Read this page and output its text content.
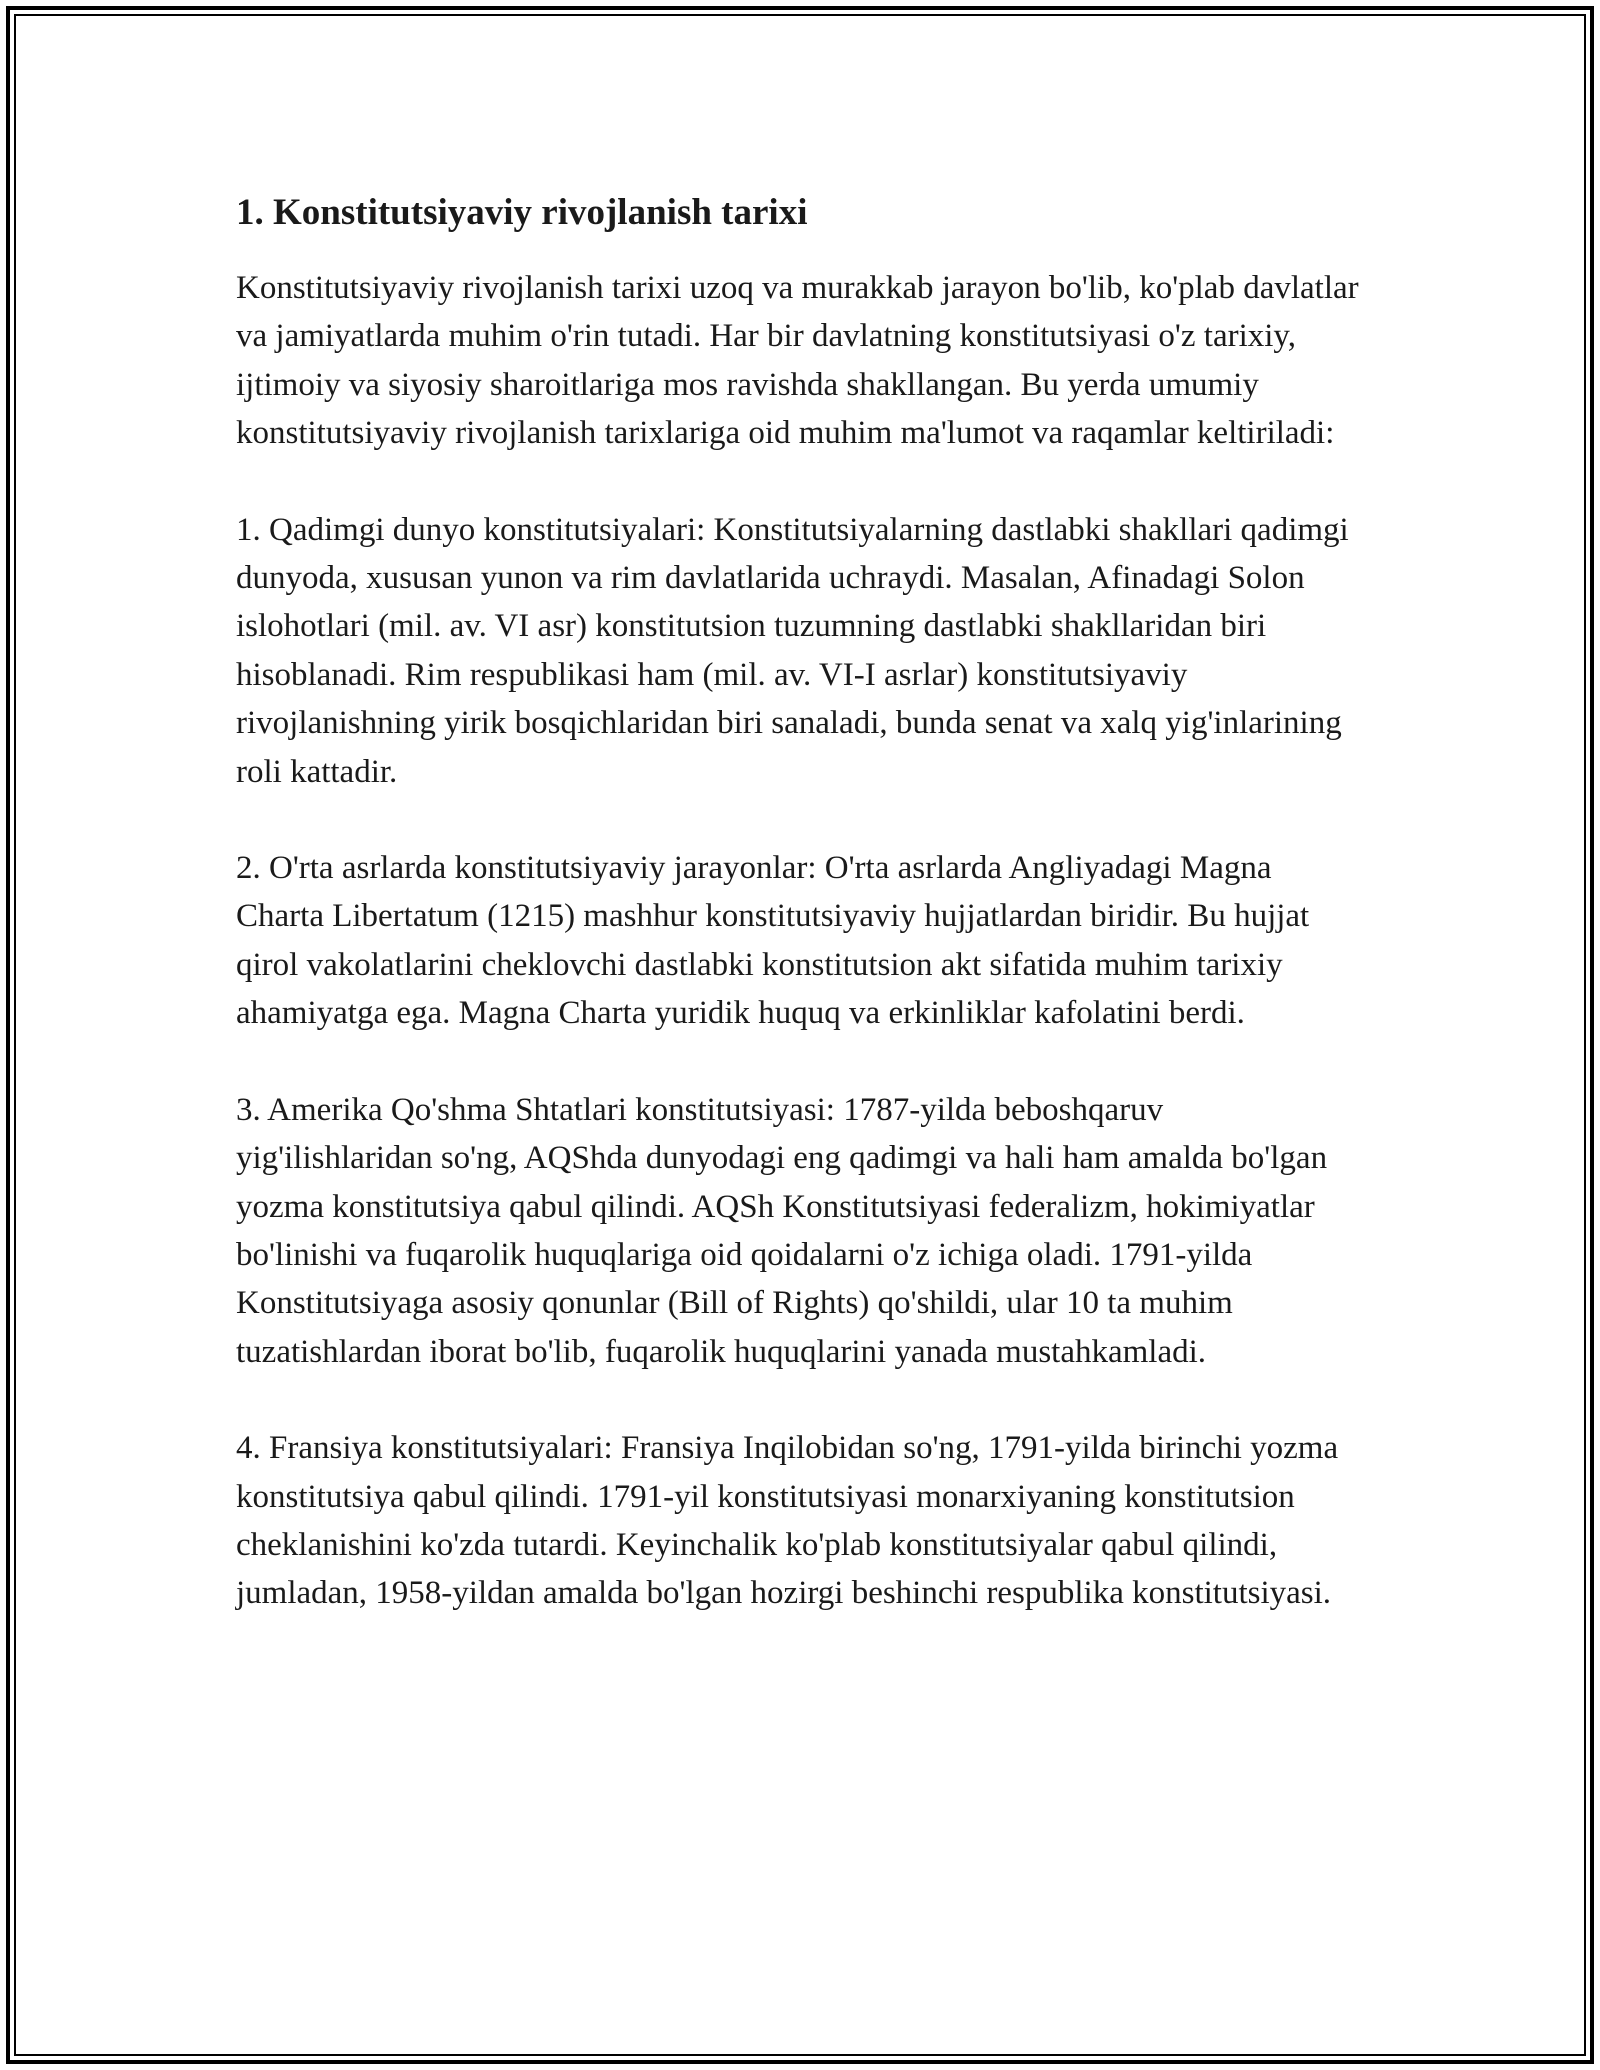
1. Konstitutsiyaviy rivojlanish tarixi

Konstitutsiyaviy rivojlanish tarixi uzoq va murakkab jarayon bo'lib, ko'plab davlatlar va jamiyatlarda muhim o'rin tutadi. Har bir davlatning konstitutsiyasi o'z tarixiy, ijtimoiy va siyosiy sharoitlariga mos ravishda shakllangan. Bu yerda umumiy konstitutsiyaviy rivojlanish tarixlariga oid muhim ma'lumot va raqamlar keltiriladi:

1. Qadimgi dunyo konstitutsiyalari: Konstitutsiyalarning dastlabki shakllari qadimgi dunyoda, xususan yunon va rim davlatlarida uchraydi. Masalan, Afinadagi Solon islohotlari (mil. av. VI asr) konstitutsion tuzumning dastlabki shakllaridan biri hisoblanadi. Rim respublikasi ham (mil. av. VI-I asrlar) konstitutsiyaviy rivojlanishning yirik bosqichlaridan biri sanaladi, bunda senat va xalq yig'inlarining roli kattadir.

2. O'rta asrlarda konstitutsiyaviy jarayonlar: O'rta asrlarda Angliyadagi Magna Charta Libertatum (1215) mashhur konstitutsiyaviy hujjatlardan biridir. Bu hujjat qirol vakolatlarini cheklovchi dastlabki konstitutsion akt sifatida muhim tarixiy ahamiyatga ega. Magna Charta yuridik huquq va erkinliklar kafolatini berdi.

3. Amerika Qo'shma Shtatlari konstitutsiyasi: 1787-yilda beboshqaruv yig'ilishlaridan so'ng, AQShda dunyodagi eng qadimgi va hali ham amalda bo'lgan yozma konstitutsiya qabul qilindi. AQSh Konstitutsiyasi federalizm, hokimiyatlar bo'linishi va fuqarolik huquqlariga oid qoidalarni o'z ichiga oladi. 1791-yilda Konstitutsiyaga asosiy qonunlar (Bill of Rights) qo'shildi, ular 10 ta muhim tuzatishlardan iborat bo'lib, fuqarolik huquqlarini yanada mustahkamladi.

4. Fransiya konstitutsiyalari: Fransiya Inqilobidan so'ng, 1791-yilda birinchi yozma konstitutsiya qabul qilindi. 1791-yil konstitutsiyasi monarxiyaning konstitutsion cheklanishini ko'zda tutardi. Keyinchalik ko'plab konstitutsiyalar qabul qilindi, jumladan, 1958-yildan amalda bo'lgan hozirgi beshinchi respublika konstitutsiyasi.
